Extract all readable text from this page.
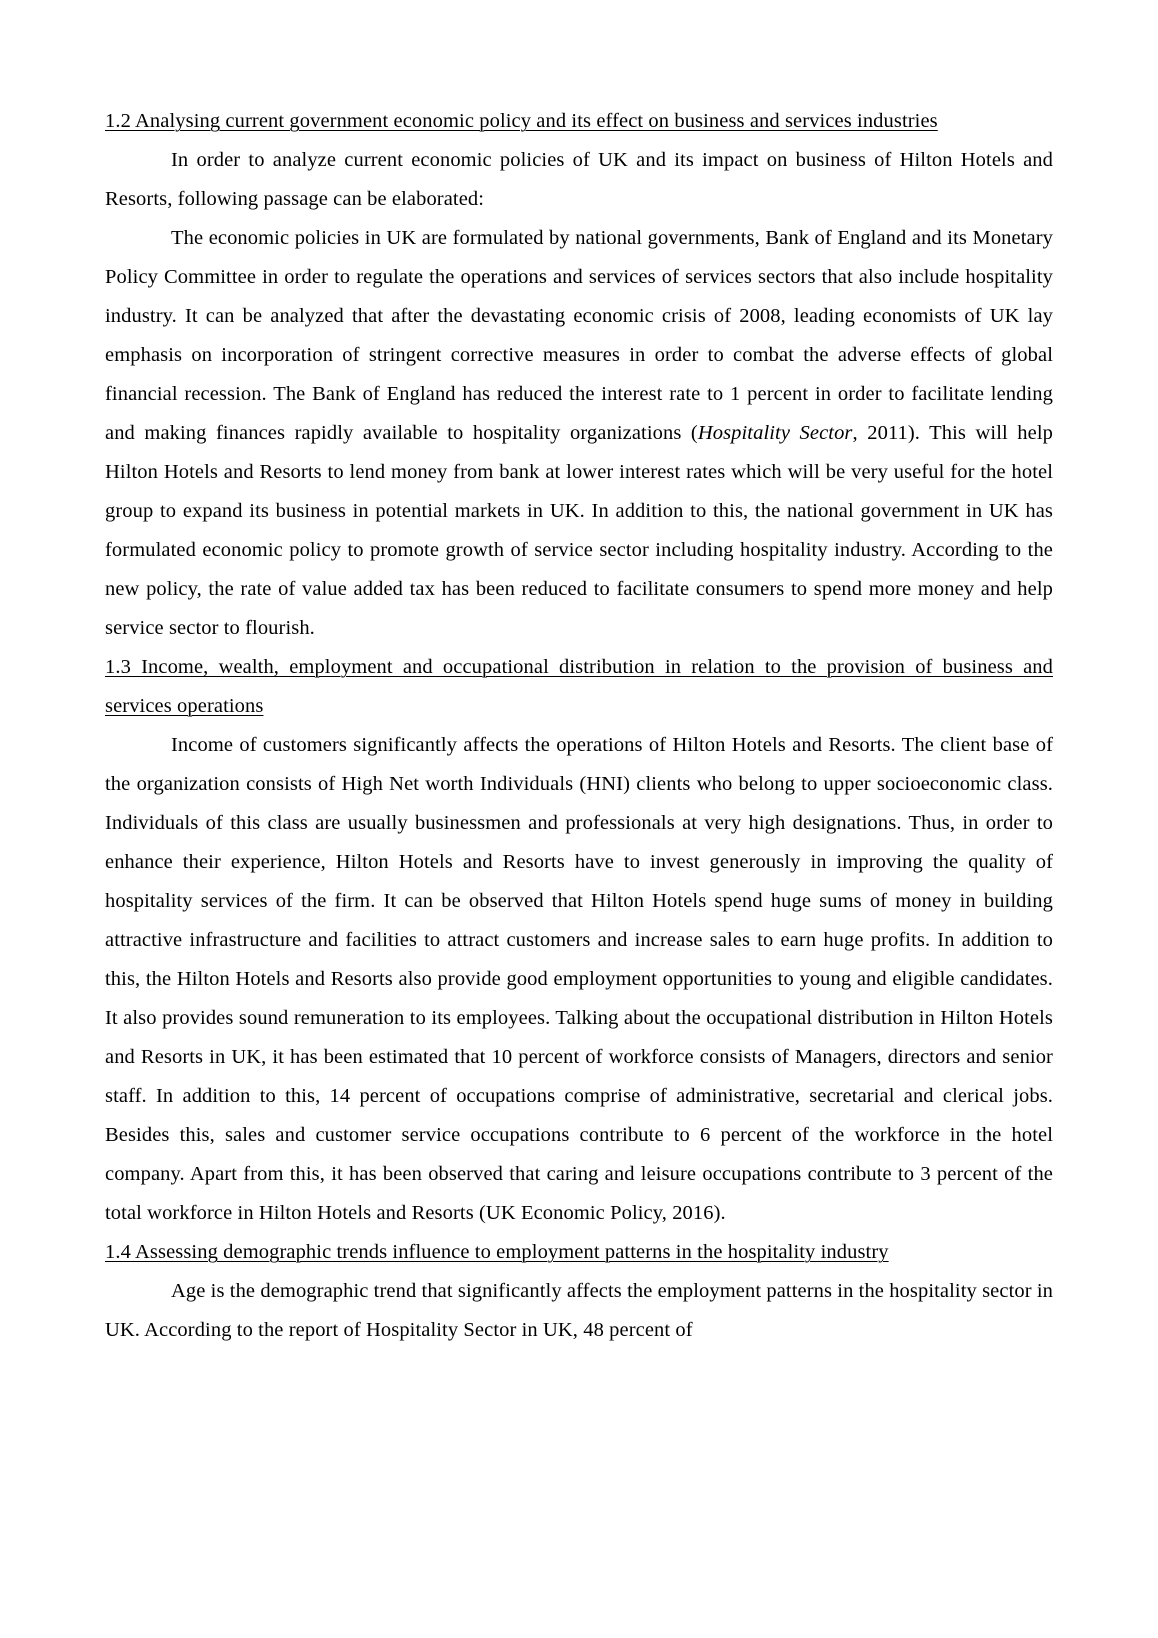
1.2 Analysing current government economic policy and its effect on business and services industries

In order to analyze current economic policies of UK and its impact on business of Hilton Hotels and Resorts, following passage can be elaborated:

The economic policies in UK are formulated by national governments, Bank of England and its Monetary Policy Committee in order to regulate the operations and services of services sectors that also include hospitality industry. It can be analyzed that after the devastating economic crisis of 2008, leading economists of UK lay emphasis on incorporation of stringent corrective measures in order to combat the adverse effects of global financial recession. The Bank of England has reduced the interest rate to 1 percent in order to facilitate lending and making finances rapidly available to hospitality organizations (Hospitality Sector, 2011). This will help Hilton Hotels and Resorts to lend money from bank at lower interest rates which will be very useful for the hotel group to expand its business in potential markets in UK. In addition to this, the national government in UK has formulated economic policy to promote growth of service sector including hospitality industry. According to the new policy, the rate of value added tax has been reduced to facilitate consumers to spend more money and help service sector to flourish.

1.3 Income, wealth, employment and occupational distribution in relation to the provision of business and services operations

Income of customers significantly affects the operations of Hilton Hotels and Resorts. The client base of the organization consists of High Net worth Individuals (HNI) clients who belong to upper socioeconomic class. Individuals of this class are usually businessmen and professionals at very high designations. Thus, in order to enhance their experience, Hilton Hotels and Resorts have to invest generously in improving the quality of hospitality services of the firm. It can be observed that Hilton Hotels spend huge sums of money in building attractive infrastructure and facilities to attract customers and increase sales to earn huge profits. In addition to this, the Hilton Hotels and Resorts also provide good employment opportunities to young and eligible candidates. It also provides sound remuneration to its employees. Talking about the occupational distribution in Hilton Hotels and Resorts in UK, it has been estimated that 10 percent of workforce consists of Managers, directors and senior staff. In addition to this, 14 percent of occupations comprise of administrative, secretarial and clerical jobs. Besides this, sales and customer service occupations contribute to 6 percent of the workforce in the hotel company. Apart from this, it has been observed that caring and leisure occupations contribute to 3 percent of the total workforce in Hilton Hotels and Resorts (UK Economic Policy, 2016).

1.4 Assessing demographic trends influence to employment patterns in the hospitality industry

Age is the demographic trend that significantly affects the employment patterns in the hospitality sector in UK. According to the report of Hospitality Sector in UK, 48 percent of
